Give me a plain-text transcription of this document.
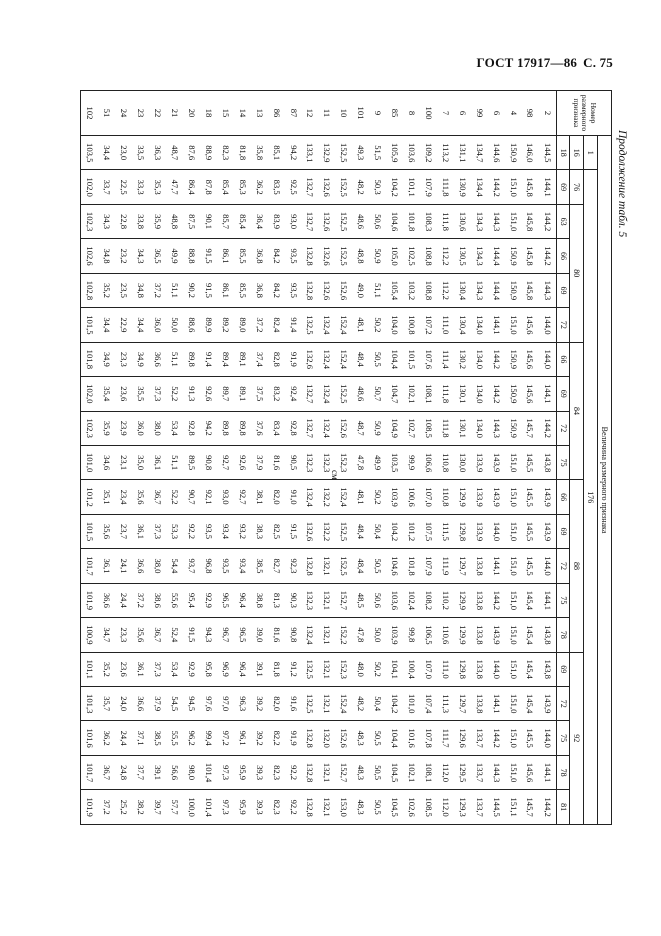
ГОСТ 17917—86 С. 75
Продолжение табл. 5
см
Номер размерного признака	Величина размерного признака																			
	1	176																		
	16	76	80				84				88					92				
	18	69	63	66	69	72	66	69	72	75	66	69	72	75	78	69	72	75	78	81
2	144,5	144,1	144,2	144,2	144,3	144,0	144,0	144,1	144,2	143,8	143,9	143,9	144,0	144,1	143,8	143,8	143,9	144,0	144,1	144,2
98	146,0	145,8	145,8	145,8	145,8	145,6	145,6	145,6	145,7	145,5	145,5	145,5	145,5	145,4	145,4	145,4	145,4	145,5	145,6	145,7
4	150,9	151,0	151,0	150,9	150,9	151,0	150,9	150,9	150,9	151,0	151,0	151,0	151,0	151,0	151,0	151,0	151,0	151,0	151,0	151,1
6	144,6	144,2	144,3	144,4	144,4	144,1	144,2	144,2	144,3	143,9	143,9	144,0	144,1	144,2	143,9	144,0	144,1	144,2	144,3	144,5
99	134,7	134,4	134,3	134,3	134,3	134,0	134,0	134,0	134,0	133,9	133,9	133,9	133,8	133,8	133,8	133,8	133,8	133,7	133,7	133,7
6	131,1	130,9	130,6	130,5	130,4	130,4	130,2	130,1	130,1	130,0	129,9	129,8	129,7	129,9	129,9	129,8	129,7	129,6	129,5	129,3
7	113,2	111,8	111,8	112,2	112,2	111,0	111,4	111,8	111,8	110,8	110,8	111,5	111,9	110,2	110,6	111,0	111,3	111,7	112,0	112,0
100	109,2	107,9	108,3	108,8	108,8	107,2	107,6	108,1	108,5	106,6	107,0	107,5	107,9	108,2	106,5	107,0	107,4	107,8	108,1	108,5
8	103,6	101,1	101,8	102,5	103,2	100,8	101,5	102,1	102,7	99,9	100,6	101,2	101,8	102,4	99,8	100,4	101,0	101,6	102,1	102,6
85	105,9	104,2	104,6	105,0	105,4	104,0	104,4	104,7	104,9	103,5	103,9	104,2	104,6	103,6	103,9	104,1	104,2	104,4	104,5	104,5
9	51,5	50,3	50,6	50,9	51,1	50,2	50,5	50,7	50,9	49,9	50,2	50,4	50,5	50,6	50,0	50,2	50,4	50,5	50,5	50,5
101	49,3	48,2	48,6	48,8	49,0	48,1	48,4	48,6	48,7	47,8	48,1	48,4	48,4	48,5	47,8	48,0	48,2	48,3	48,3	48,3
10	152,5	152,5	152,5	152,5	152,6	152,4	152,4	152,5	152,6	152,3	152,4	152,5	152,5	152,7	152,2	152,3	152,4	152,6	152,7	153,0
11	132,9	132,6	132,6	132,6	132,6	132,4	132,4	132,4	132,4	132,3	132,2	132,2	132,1	132,1	132,1	132,1	132,1	132,0	132,1	132,1
12	133,1	132,7	132,7	132,8	132,8	132,5	132,6	132,7	132,7	132,3	132,4	132,6	132,8	132,3	132,4	132,5	132,5	132,8	132,8	132,8
87	94,2	92,5	93,0	93,5	93,5	91,4	91,9	92,4	92,8	90,5	91,0	91,5	92,3	90,3	90,8	91,2	91,6	91,9	92,2	92,2
86	85,1	83,5	83,9	84,2	84,2	82,4	82,8	83,2	83,4	81,6	82,0	82,5	82,7	81,3	81,6	81,8	82,0	82,2	82,3	82,3
13	35,8	36,2	36,4	36,8	36,8	37,2	37,4	37,5	37,6	37,9	38,1	38,3	38,5	38,8	39,0	39,1	39,2	39,2	39,3	39,3
14	81,8	85,3	85,4	85,5	85,5	89,0	89,1	89,1	89,8	92,6	92,7	93,2	93,4	96,4	96,5	96,4	96,3	96,1	95,9	95,9
15	82,3	85,4	85,7	86,1	86,1	89,2	89,4	89,7	89,8	92,7	93,0	93,4	93,5	96,5	96,7	96,9	97,0	97,2	97,3	97,3
18	88,9	87,8	90,1	91,5	91,5	89,9	91,4	92,6	94,2	90,8	92,1	93,5	96,8	92,9	94,3	95,8	97,6	99,4	101,4	101,4
20	87,6	86,4	87,5	88,8	90,2	88,6	89,8	91,3	92,8	89,5	90,7	92,2	93,7	95,4	91,5	92,9	94,5	96,2	98,0	100,0
21	48,7	47,7	48,8	49,9	51,1	50,0	51,1	52,2	53,4	51,1	52,2	53,3	54,4	55,6	52,4	53,4	54,5	55,5	56,6	57,7
22	36,3	35,3	35,9	36,5	37,2	36,0	36,6	37,3	38,0	36,1	36,7	37,3	38,0	38,6	36,7	37,3	37,9	38,5	39,1	39,7
23	33,5	33,3	33,8	34,3	34,8	34,4	34,9	35,5	36,0	35,0	35,6	36,1	36,6	37,2	35,6	36,1	36,6	37,1	37,7	38,2
24	23,0	22,5	22,8	23,2	23,5	22,9	23,3	23,6	23,9	23,1	23,4	23,7	24,1	24,4	23,3	23,6	24,0	24,4	24,8	25,2
51	34,4	33,7	34,3	34,8	35,2	34,4	34,9	35,4	35,9	34,6	35,1	35,6	36,1	36,6	34,7	35,2	35,7	36,2	36,7	37,2
102	103,5	102,0	102,3	102,6	102,8	101,5	101,8	102,0	102,3	101,0	101,2	101,5	101,7	101,9	100,9	101,1	101,3	101,6	101,7	101,9
